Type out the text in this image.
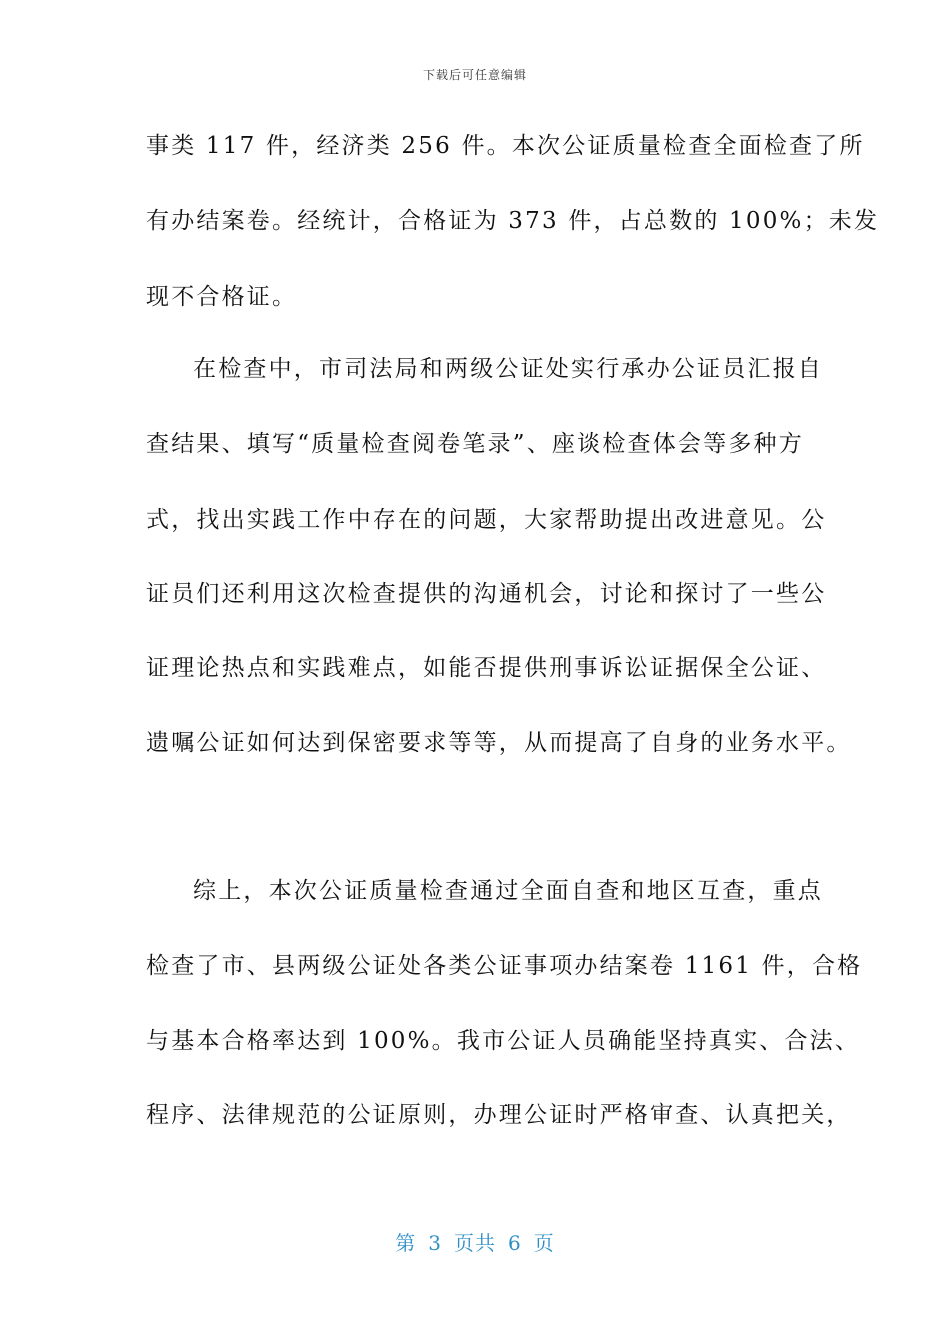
下载后可任意编辑
事类 117 件，经济类 256 件。本次公证质量检查全面检查了所
有办结案卷。经统计，合格证为 373 件，占总数的 100%；未发
现不合格证。
在检查中，市司法局和两级公证处实行承办公证员汇报自
查结果、填写“质量检查阅卷笔录”、座谈检查体会等多种方
式，找出实践工作中存在的问题，大家帮助提出改进意见。公
证员们还利用这次检查提供的沟通机会，讨论和探讨了一些公
证理论热点和实践难点，如能否提供刑事诉讼证据保全公证、
遗嘱公证如何达到保密要求等等，从而提高了自身的业务水平。
综上，本次公证质量检查通过全面自查和地区互查，重点
检查了市、县两级公证处各类公证事项办结案卷 1161 件，合格
与基本合格率达到 100%。我市公证人员确能坚持真实、合法、
程序、法律规范的公证原则，办理公证时严格审查、认真把关，
第 3 页共 6 页
